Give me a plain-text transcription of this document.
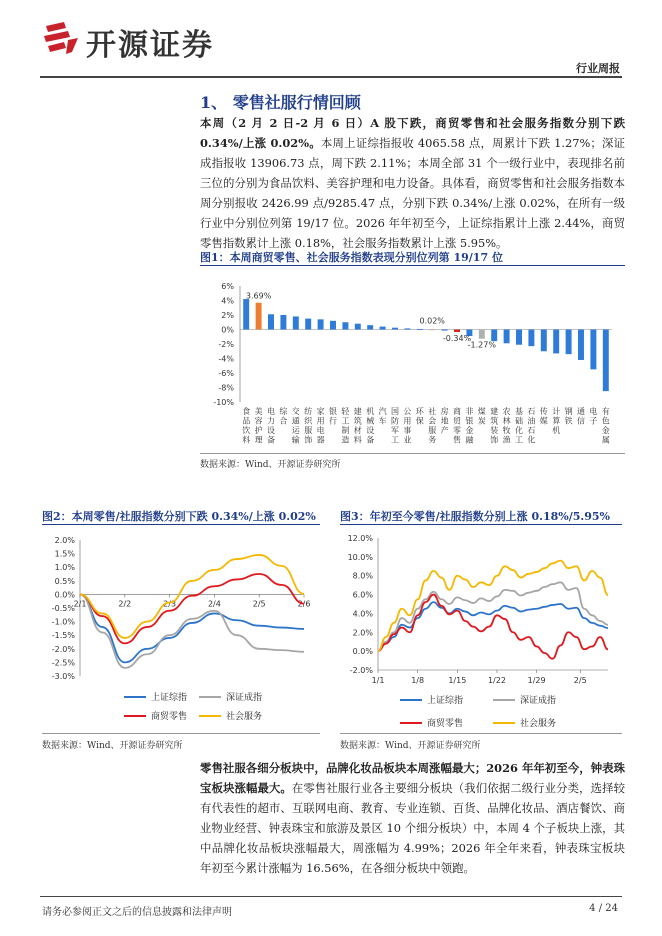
开源证券
行业周报
1、 零售社服行情回顾
本周（2 月 2 日-2 月 6 日）A 股下跌，商贸零售和社会服务指数分别下跌 0.34%/上涨 0.02%。本周上证综指报收 4065.58 点，周累计下跌 1.27%；深证成指报收 13906.73 点，周下跌 2.11%；本周全部 31 个一级行业中，表现排名前三位的分别为食品饮料、美容护理和电力设备。具体看，商贸零售和社会服务指数本周分别报收 2426.99 点/9285.47 点，分别下跌 0.34%/上涨 0.02%，在所有一级行业中分别位列第 19/17 位。2026 年年初至今，上证综指累计上涨 2.44%，商贸零售指数累计上涨 0.18%，社会服务指数累计上涨 5.95%。
图1：本周商贸零售、社会服务指数表现分别位列第 19/17 位
6%
4%
2%
0%
-2%
-4%
-6%
-8%
-10%
食品饮料
美容护理
电力设备
综合
交通运输
纺织服饰
家用电器
银行
轻工制造
建筑材料
机械设备
汽车
国防军工
公用事业
环保
社会服务
房地产
商贸零售
非银金融
煤炭
建筑装饰
农林牧渔
基础化工
石油石化
传媒
计算机
钢铁
通信
电子
有色金属
3.69%
0.02%
-0.34%
-1.27%
数据来源：Wind、开源证券研究所
图2：本周零售/社服指数分别下跌 0.34%/上涨 0.02%
2.0%
1.5%
1.0%
0.5%
0.0%
-0.5%
-1.0%
-1.5%
-2.0%
-2.5%
-3.0%
2/1	2/2	2/3	2/4	2/5	2/6
上证综指	深证成指
商贸零售	社会服务
数据来源：Wind、开源证券研究所
图3：年初至今零售/社服指数分别上涨 0.18%/5.95%
12.0%
10.0%
8.0%
6.0%
4.0%
2.0%
0.0%
-2.0%
1/1	1/8	1/15	1/22	1/29	2/5
上证综指	深证成指
商贸零售	社会服务
数据来源：Wind、开源证券研究所
零售社服各细分板块中，品牌化妆品板块本周涨幅最大；2026 年年初至今，钟表珠宝板块涨幅最大。在零售社服行业各主要细分板块（我们依据二级行业分类，选择较有代表性的超市、互联网电商、教育、专业连锁、百货、品牌化妆品、酒店餐饮、商业物业经营、钟表珠宝和旅游及景区 10 个细分板块）中，本周 4 个子板块上涨，其中品牌化妆品板块涨幅最大，周涨幅为 4.99%；2026 年全年来看，钟表珠宝板块年初至今累计涨幅为 16.56%，在各细分板块中领跑。
请务必参阅正文之后的信息披露和法律声明	4 / 24
